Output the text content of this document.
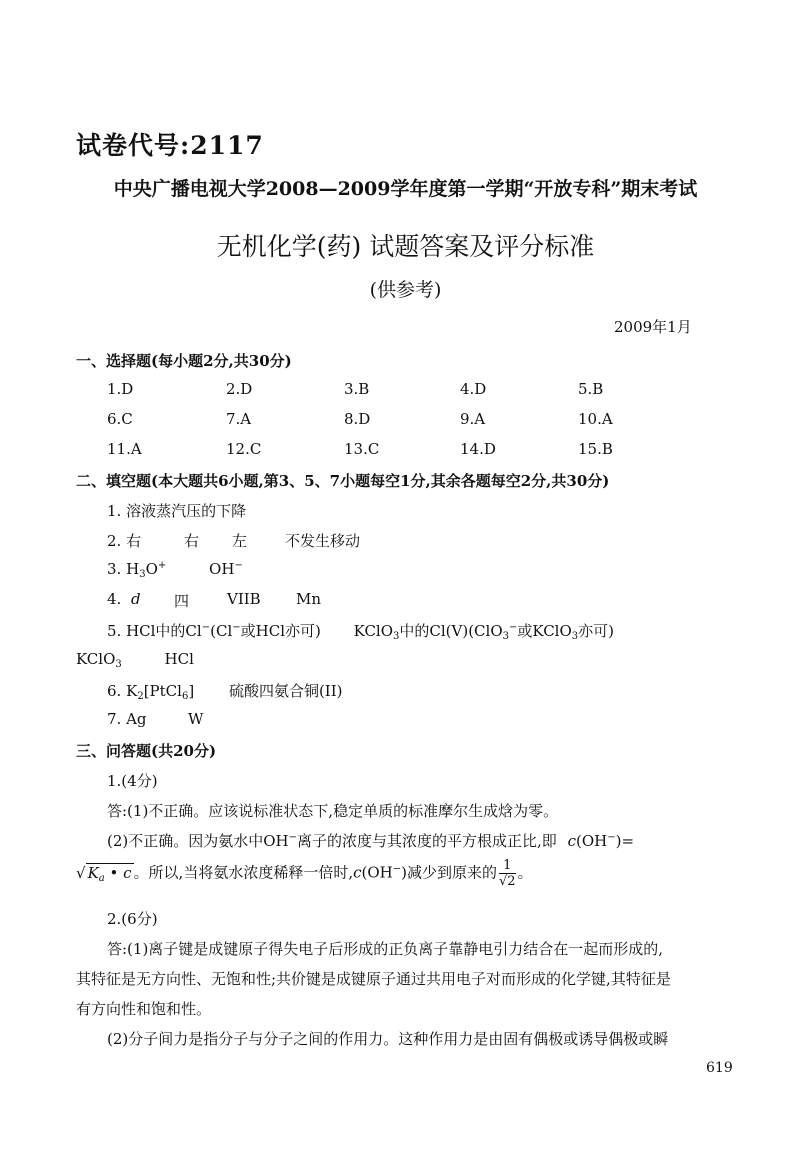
试卷代号:2117
中央广播电视大学2008—2009学年度第一学期“开放专科”期末考试
无机化学(药) 试题答案及评分标准
(供参考)
2009年1月
一、选择题(每小题2分,共30分)
1.D	2.D	3.B	4.D	5.B
6.C	7.A	8.D	9.A	10.A
11.A	12.C	13.C	14.D	15.B
二、填空题(本大题共6小题,第3、5、7小题每空1分,其余各题每空2分,共30分)
1. 溶液蒸汽压的下降
2. 右	右 左	不发生移动
3. $H_3O^+$	OH−
4. d 四	VIIB Mn
5. HCl中的Cl−(Cl−或HCl亦可) KClO$_3$中的Cl(V)(ClO$_3$−或KClO$_3$亦可)
KClO$_3$	HCl
6. $K_2[PtCl_6]$ 硫酸四氨合铜(II)
7. Ag	W
三、问答题(共20分)
1.(4分)
答:(1)不正确。应该说标准状态下,稳定单质的标准摩尔生成焓为零。
(2)不正确。因为氨水中OH−离子的浓度与其浓度的平方根成正比,即 c(OH−)=
√ $K_a$ • c 。所以,当将氨水浓度稀释一倍时,c(OH−)减少到原来的 $\frac{1}{√2}$ 。
2.(6分)
答:(1)离子键是成键原子得失电子后形成的正负离子靠静电引力结合在一起而形成的,
其特征是无方向性、无饱和性;共价键是成键原子通过共用电子对而形成的化学键,其特征是
有方向性和饱和性。
(2)分子间力是指分子与分子之间的作用力。这种作用力是由固有偶极或诱导偶极或瞬
619
